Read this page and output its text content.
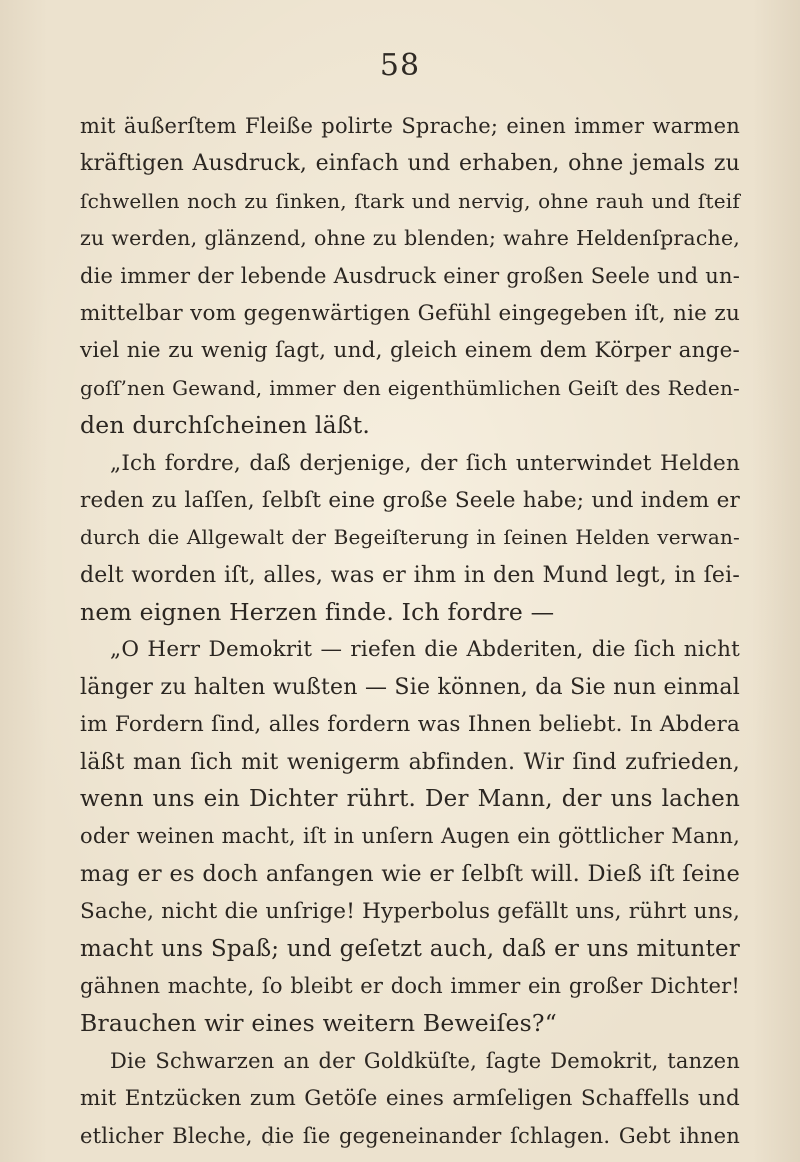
58
mit äußerſtem Fleiße polirte Sprache; einen immer warmen
kräftigen Ausdruck, einfach und erhaben, ohne jemals zu
ſchwellen noch zu ſinken, ſtark und nervig, ohne rauh und ſteif
zu werden, glänzend, ohne zu blenden; wahre Heldenſprache,
die immer der lebende Ausdruck einer großen Seele und un-
mittelbar vom gegenwärtigen Gefühl eingegeben iſt, nie zu
viel nie zu wenig ſagt, und, gleich einem dem Körper ange-
goſſ’nen Gewand, immer den eigenthümlichen Geiſt des Reden-
den durchſcheinen läßt.
„Ich fordre, daß derjenige, der ſich unterwindet Helden
reden zu laſſen, ſelbſt eine große Seele habe; und indem er
durch die Allgewalt der Begeiſterung in ſeinen Helden verwan-
delt worden iſt, alles, was er ihm in den Mund legt, in ſei-
nem eignen Herzen finde. Ich fordre —
„O Herr Demokrit — riefen die Abderiten, die ſich nicht
länger zu halten wußten — Sie können, da Sie nun einmal
im Fordern ſind, alles fordern was Ihnen beliebt. In Abdera
läßt man ſich mit wenigerm abfinden. Wir ſind zufrieden,
wenn uns ein Dichter rührt. Der Mann, der uns lachen
oder weinen macht, iſt in unſern Augen ein göttlicher Mann,
mag er es doch anfangen wie er ſelbſt will. Dieß iſt ſeine
Sache, nicht die unſrige! Hyperbolus gefällt uns, rührt uns,
macht uns Spaß; und geſetzt auch, daß er uns mitunter
gähnen machte, ſo bleibt er doch immer ein großer Dichter!
Brauchen wir eines weitern Beweiſes?“
Die Schwarzen an der Goldküſte, ſagte Demokrit, tanzen
mit Entzücken zum Getöſe eines armſeligen Schaffells und
etlicher Bleche, die ſie gegeneinander ſchlagen. Gebt ihnen
